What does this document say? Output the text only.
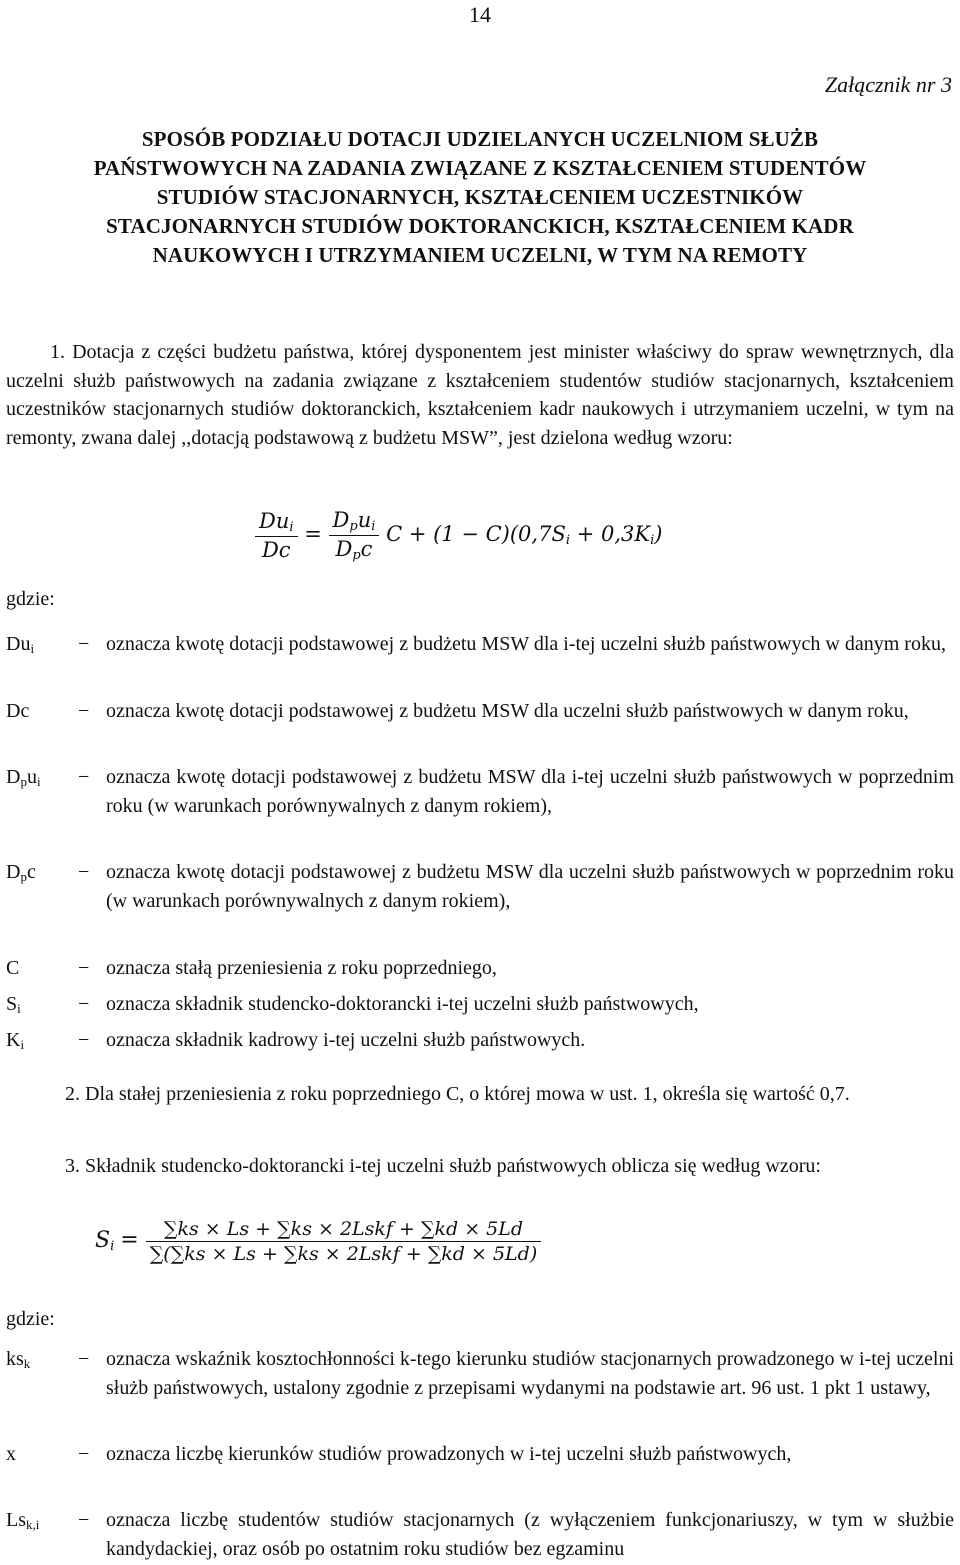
14
Załącznik nr 3
SPOSÓB PODZIAŁU DOTACJI UDZIELANYCH UCZELNIOM SŁUŻB
PAŃSTWOWYCH NA ZADANIA ZWIĄZANE Z KSZTAŁCENIEM STUDENTÓW
STUDIÓW STACJONARNYCH, KSZTAŁCENIEM UCZESTNIKÓW
STACJONARNYCH STUDIÓW DOKTORANCKICH, KSZTAŁCENIEM KADR
NAUKOWYCH I UTRZYMANIEM UCZELNI, W TYM NA REMOTY
1. Dotacja z części budżetu państwa, której dysponentem jest minister właściwy do spraw wewnętrznych, dla uczelni służb państwowych na zadania związane z kształceniem studentów studiów stacjonarnych, kształceniem uczestników stacjonarnych studiów doktoranckich, kształceniem kadr naukowych i utrzymaniem uczelni, w tym na remonty, zwana dalej ,,dotacją podstawową z budżetu MSW”, jest dzielona według wzoru:
$\frac{Du_i}{Dc} = \frac{D_pu_i}{D_pc}$ $C + (1 - C)(0,7S_i + 0,3K_i)$
gdzie:
$Du_i$	− oznacza kwotę dotacji podstawowej z budżetu MSW dla i-tej uczelni służb państwowych w danym roku,
Dc	− oznacza kwotę dotacji podstawowej z budżetu MSW dla uczelni służb państwowych w danym roku,
$D_pu_i$	− oznacza kwotę dotacji podstawowej z budżetu MSW dla i-tej uczelni służb państwowych w poprzednim roku (w warunkach porównywalnych z danym rokiem),
$D_pc$	− oznacza kwotę dotacji podstawowej z budżetu MSW dla uczelni służb państwowych w poprzednim roku (w warunkach porównywalnych z danym rokiem),
C	− oznacza stałą przeniesienia z roku poprzedniego,
$S_i$	− oznacza składnik studencko-doktorancki i-tej uczelni służb państwowych,
$K_i$	− oznacza składnik kadrowy i-tej uczelni służb państwowych.
2. Dla stałej przeniesienia z roku poprzedniego C, o której mowa w ust. 1, określa się wartość 0,7.
3. Składnik studencko-doktorancki i-tej uczelni służb państwowych oblicza się według wzoru:
$S_i = \frac{\text{∑ks × Ls + ∑ks × 2Lskf + ∑kd × 5Ld}}{\text{∑(∑ks × Ls + ∑ks × 2Lskf + ∑kd × 5Ld)}}$
gdzie:
$ks_k$	− oznacza wskaźnik kosztochłonności k-tego kierunku studiów stacjonarnych prowadzonego w i-tej uczelni służb państwowych, ustalony zgodnie z przepisami wydanymi na podstawie art. 96 ust. 1 pkt 1 ustawy,
x	− oznacza liczbę kierunków studiów prowadzonych w i-tej uczelni służb państwowych,
$Ls_{k,i}$	− oznacza liczbę studentów studiów stacjonarnych (z wyłączeniem funkcjonariuszy, w tym w służbie kandydackiej, oraz osób po ostatnim roku studiów bez egzaminu
